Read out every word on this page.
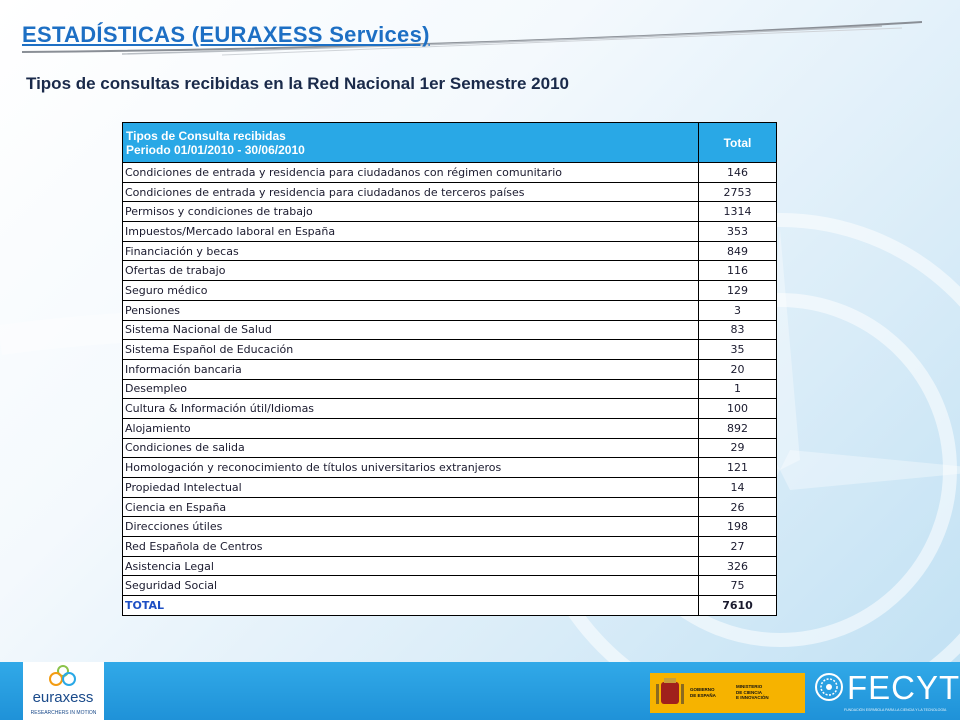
ESTADÍSTICAS (EURAXESS Services)
Tipos de consultas recibidas en la Red Nacional 1er Semestre 2010
Tipos de Consulta recibidas
Periodo 01/01/2010 - 30/06/2010	Total
Condiciones de entrada y residencia para ciudadanos con régimen comunitario	146
Condiciones de entrada y residencia para ciudadanos de terceros países	2753
Permisos y condiciones de trabajo	1314
Impuestos/Mercado laboral en España	353
Financiación y becas	849
Ofertas de trabajo	116
Seguro médico	129
Pensiones	3
Sistema Nacional de Salud	83
Sistema Español de Educación	35
Información bancaria	20
Desempleo	1
Cultura & Información útil/Idiomas	100
Alojamiento	892
Condiciones de salida	29
Homologación y reconocimiento de títulos universitarios extranjeros	121
Propiedad Intelectual	14
Ciencia en España	26
Direcciones útiles	198
Red Española de Centros	27
Asistencia Legal	326
Seguridad Social	75
TOTAL	7610
euraxess
RESEARCHERS IN MOTION
GOBIERNO
DE ESPAÑA
MINISTERIO
DE CIENCIA
E INNOVACIÓN FECYT
FUNDACIÓN ESPAÑOLA PARA LA CIENCIA Y LA TECNOLOGÍA
